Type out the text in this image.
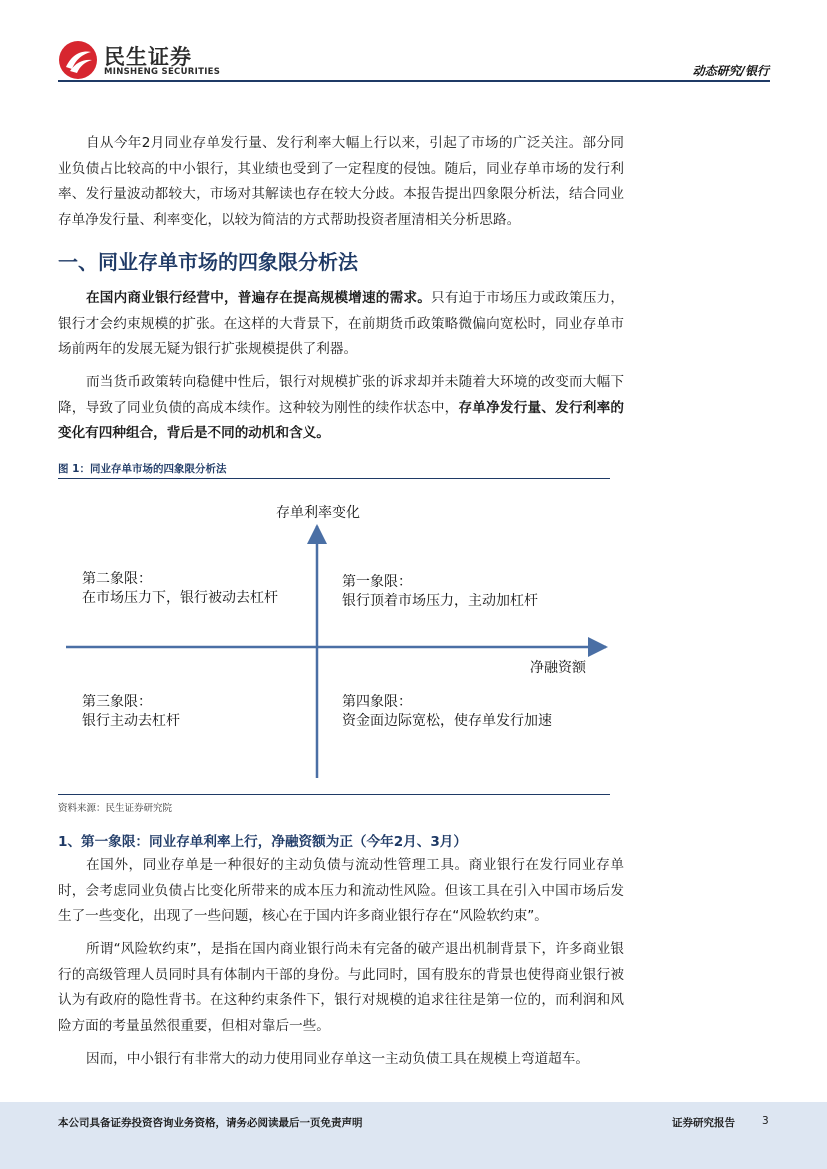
民生证券
MINSHENG SECURITIES	动态研究/银行

自从今年2月同业存单发行量、发行利率大幅上行以来，引起了市场的广泛关注。部分同业负债占比较高的中小银行，其业绩也受到了一定程度的侵蚀。随后，同业存单市场的发行利率、发行量波动都较大，市场对其解读也存在较大分歧。本报告提出四象限分析法，结合同业存单净发行量、利率变化，以较为简洁的方式帮助投资者厘清相关分析思路。

一、同业存单市场的四象限分析法

在国内商业银行经营中，普遍存在提高规模增速的需求。只有迫于市场压力或政策压力，银行才会约束规模的扩张。在这样的大背景下，在前期货币政策略微偏向宽松时，同业存单市场前两年的发展无疑为银行扩张规模提供了利器。

而当货币政策转向稳健中性后，银行对规模扩张的诉求却并未随着大环境的改变而大幅下降，导致了同业负债的高成本续作。这种较为刚性的续作状态中，存单净发行量、发行利率的变化有四种组合，背后是不同的动机和含义。

图 1：同业存单市场的四象限分析法
存单利率变化
净融资额
第二象限：
在市场压力下，银行被动去杠杆
第一象限：
银行顶着市场压力，主动加杠杆
第三象限：
银行主动去杠杆
第四象限：
资金面边际宽松，使存单发行加速
资料来源：民生证券研究院
1、第一象限：同业存单利率上行，净融资额为正（今年2月、3月）

在国外，同业存单是一种很好的主动负债与流动性管理工具。商业银行在发行同业存单时，会考虑同业负债占比变化所带来的成本压力和流动性风险。但该工具在引入中国市场后发生了一些变化，出现了一些问题，核心在于国内许多商业银行存在“风险软约束”。

所谓“风险软约束”，是指在国内商业银行尚未有完备的破产退出机制背景下，许多商业银行的高级管理人员同时具有体制内干部的身份。与此同时，国有股东的背景也使得商业银行被认为有政府的隐性背书。在这种约束条件下，银行对规模的追求往往是第一位的，而利润和风险方面的考量虽然很重要，但相对靠后一些。

因而，中小银行有非常大的动力使用同业存单这一主动负债工具在规模上弯道超车。

本公司具备证券投资咨询业务资格，请务必阅读最后一页免责声明	证券研究报告	3
